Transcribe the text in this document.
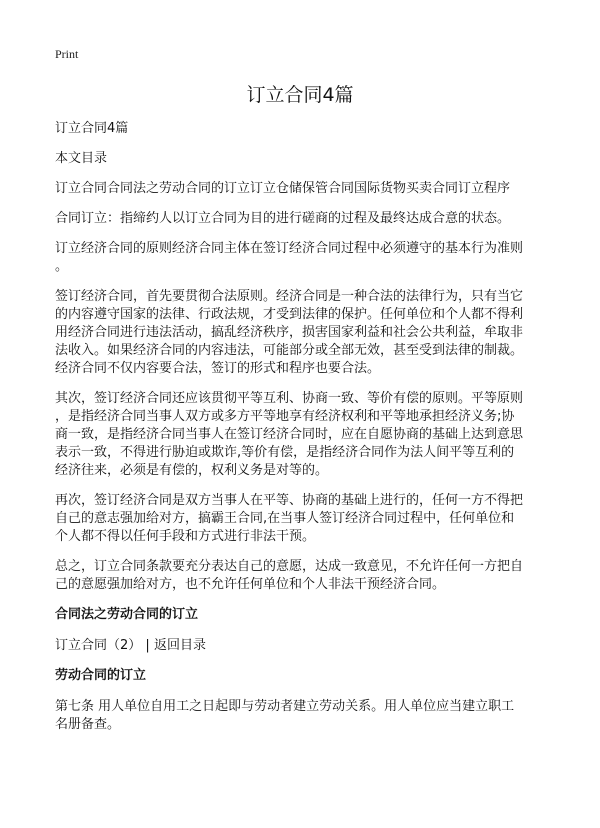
Print
订立合同4篇

订立合同4篇

本文目录

订立合同合同法之劳动合同的订立订立仓储保管合同国际货物买卖合同订立程序

合同订立：指缔约人以订立合同为目的进行磋商的过程及最终达成合意的状态。

订立经济合同的原则经济合同主体在签订经济合同过程中必须遵守的基本行为准则
。

签订经济合同，首先要贯彻合法原则。经济合同是一种合法的法律行为，只有当它
的内容遵守国家的法律、行政法规，才受到法律的保护。任何单位和个人都不得利
用经济合同进行违法活动，搞乱经济秩序，损害国家利益和社会公共利益，牟取非
法收入。如果经济合同的内容违法，可能部分或全部无效，甚至受到法律的制裁。
经济合同不仅内容要合法，签订的形式和程序也要合法。

其次，签订经济合同还应该贯彻平等互利、协商一致、等价有偿的原则。平等原则
，是指经济合同当事人双方或多方平等地享有经济权利和平等地承担经济义务;协
商一致，是指经济合同当事人在签订经济合同时，应在自愿协商的基础上达到意思
表示一致，不得进行胁迫或欺诈,等价有偿，是指经济合同作为法人间平等互利的
经济往来，必须是有偿的，权利义务是对等的。

再次，签订经济合同是双方当事人在平等、协商的基础上进行的，任何一方不得把
自己的意志强加给对方，搞霸王合同,在当事人签订经济合同过程中，任何单位和
个人都不得以任何手段和方式进行非法干预。

总之，订立合同条款要充分表达自己的意愿，达成一致意见，不允许任何一方把自
己的意愿强加给对方，也不允许任何单位和个人非法干预经济合同。

合同法之劳动合同的订立

订立合同（2） | 返回目录

劳动合同的订立

第七条 用人单位自用工之日起即与劳动者建立劳动关系。用人单位应当建立职工
名册备查。
